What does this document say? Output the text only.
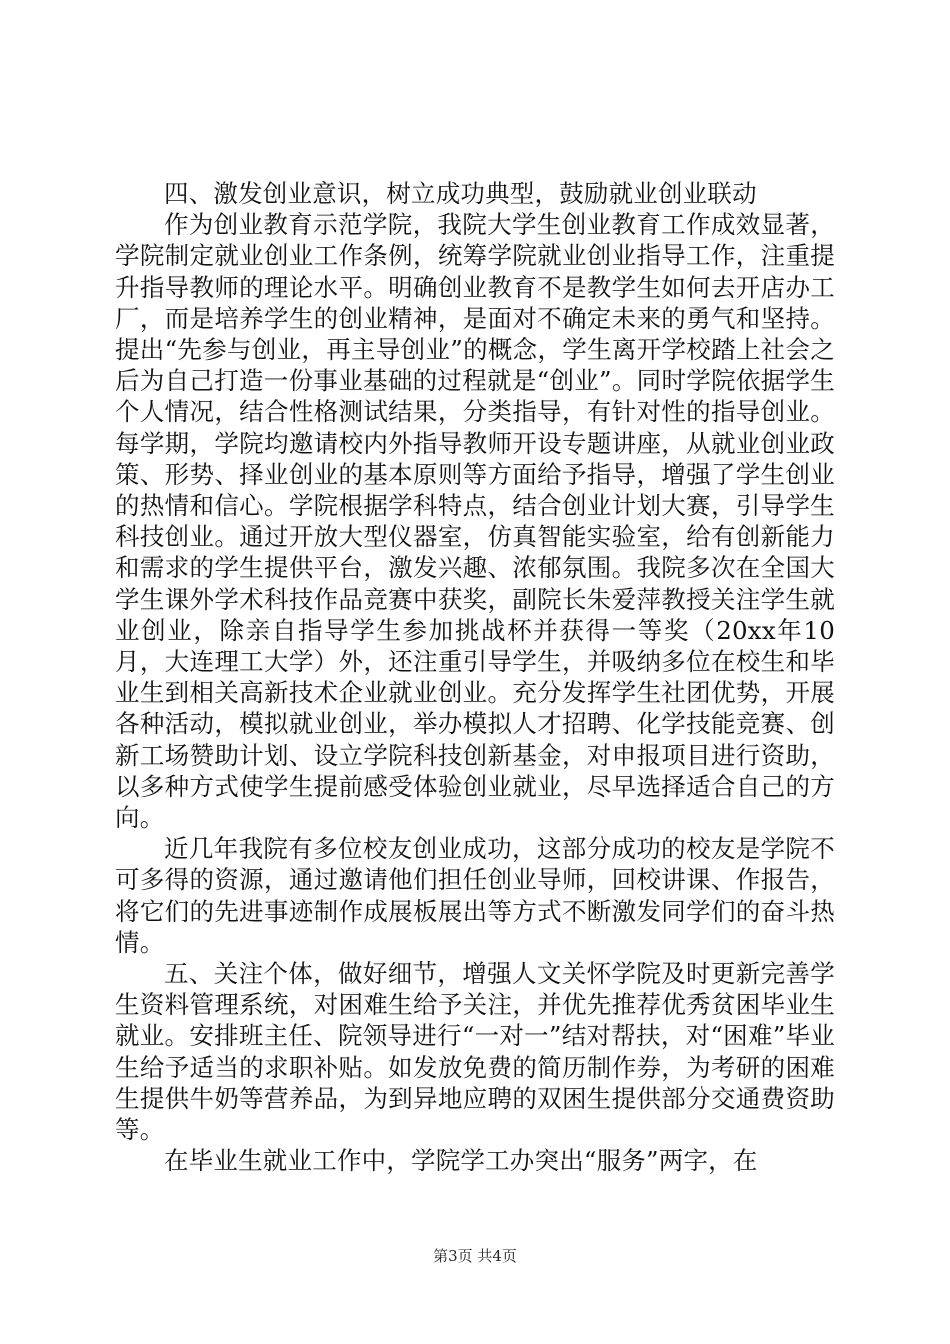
四、激发创业意识，树立成功典型，鼓励就业创业联动

作为创业教育示范学院，我院大学生创业教育工作成效显著，学院制定就业创业工作条例，统筹学院就业创业指导工作，注重提升指导教师的理论水平。明确创业教育不是教学生如何去开店办工厂，而是培养学生的创业精神，是面对不确定未来的勇气和坚持。提出“先参与创业，再主导创业”的概念，学生离开学校踏上社会之后为自己打造一份事业基础的过程就是“创业”。同时学院依据学生个人情况，结合性格测试结果，分类指导，有针对性的指导创业。每学期，学院均邀请校内外指导教师开设专题讲座，从就业创业政策、形势、择业创业的基本原则等方面给予指导，增强了学生创业的热情和信心。学院根据学科特点，结合创业计划大赛，引导学生科技创业。通过开放大型仪器室，仿真智能实验室，给有创新能力和需求的学生提供平台，激发兴趣、浓郁氛围。我院多次在全国大学生课外学术科技作品竞赛中获奖，副院长朱爱萍教授关注学生就业创业，除亲自指导学生参加挑战杯并获得一等奖（20xx年10月，大连理工大学）外，还注重引导学生，并吸纳多位在校生和毕业生到相关高新技术企业就业创业。充分发挥学生社团优势，开展各种活动，模拟就业创业，举办模拟人才招聘、化学技能竞赛、创新工场赞助计划、设立学院科技创新基金，对申报项目进行资助，以多种方式使学生提前感受体验创业就业，尽早选择适合自己的方向。

近几年我院有多位校友创业成功，这部分成功的校友是学院不可多得的资源，通过邀请他们担任创业导师，回校讲课、作报告，将它们的先进事迹制作成展板展出等方式不断激发同学们的奋斗热情。

五、关注个体，做好细节，增强人文关怀学院及时更新完善学生资料管理系统，对困难生给予关注，并优先推荐优秀贫困毕业生就业。安排班主任、院领导进行“一对一”结对帮扶，对“困难”毕业生给予适当的求职补贴。如发放免费的简历制作券，为考研的困难生提供牛奶等营养品，为到异地应聘的双困生提供部分交通费资助等。

在毕业生就业工作中，学院学工办突出“服务”两字，在

第3页 共4页
